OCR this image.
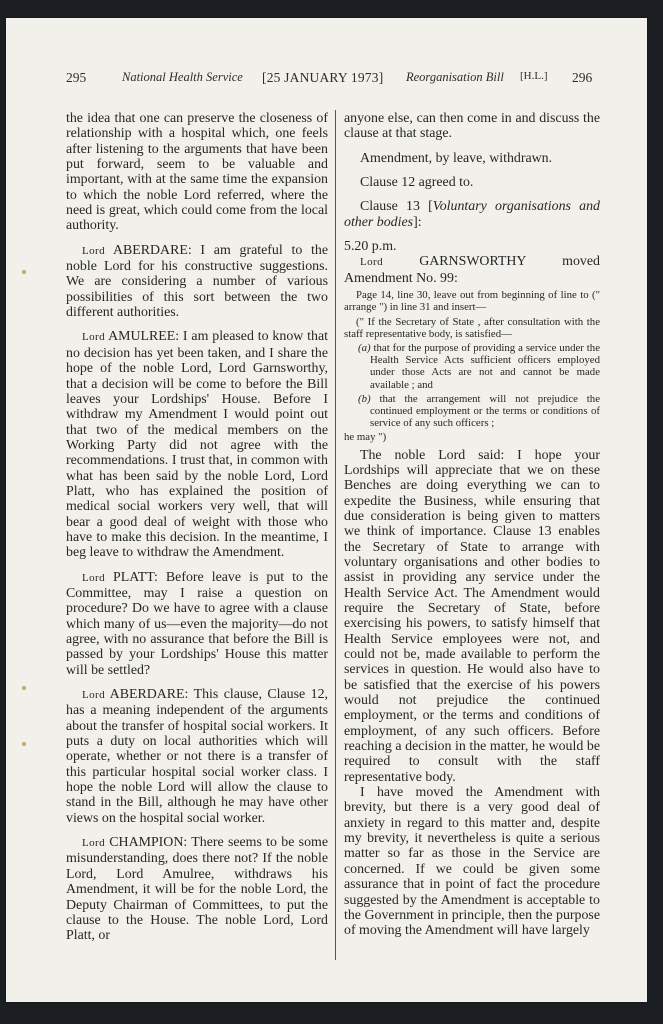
295	National Health Service [25 JANUARY 1973] Reorganisation Bill [H.L.] 296

the idea that one can preserve the closeness of relationship with a hospital which, one feels after listening to the arguments that have been put forward, seem to be valuable and important, with at the same time the expansion to which the noble Lord referred, where the need is great, which could come from the local authority.

Lord ABERDARE: I am grateful to the noble Lord for his constructive suggestions. We are considering a number of various possibilities of this sort between the two different authorities.

Lord AMULREE: I am pleased to know that no decision has yet been taken, and I share the hope of the noble Lord, Lord Garnsworthy, that a decision will be come to before the Bill leaves your Lordships' House. Before I withdraw my Amendment I would point out that two of the medical members on the Working Party did not agree with the recommendations. I trust that, in common with what has been said by the noble Lord, Lord Platt, who has explained the position of medical social workers very well, that will bear a good deal of weight with those who have to make this decision. In the meantime, I beg leave to withdraw the Amendment.

Lord PLATT: Before leave is put to the Committee, may I raise a question on procedure? Do we have to agree with a clause which many of us—even the majority—do not agree, with no assurance that before the Bill is passed by your Lordships' House this matter will be settled?

Lord ABERDARE: This clause, Clause 12, has a meaning independent of the arguments about the transfer of hospital social workers. It puts a duty on local authorities which will operate, whether or not there is a transfer of this particular hospital social worker class. I hope the noble Lord will allow the clause to stand in the Bill, although he may have other views on the hospital social worker.

Lord CHAMPION: There seems to be some misunderstanding, does there not? If the noble Lord, Lord Amulree, withdraws his Amendment, it will be for the noble Lord, the Deputy Chairman of Committees, to put the clause to the House. The noble Lord, Lord Platt, or

anyone else, can then come in and discuss the clause at that stage.

Amendment, by leave, withdrawn.

Clause 12 agreed to.

Clause 13 [Voluntary organisations and other bodies]:

5.20 p.m.

Lord	GARNSWORTHY moved Amendment No. 99:

Page 14, line 30, leave out from beginning of line to (" arrange ") in line 31 and insert—

(" If the Secretary of State , after consultation with the staff representative body, is satisfied—

(a) that for the purpose of providing a service under the Health Service Acts sufficient officers employed under those Acts are not and cannot be made available ; and

(b) that the arrangement will not prejudice the continued employment or the terms or conditions of service of any such officers ;

he may ")

The noble Lord said: I hope your Lordships will appreciate that we on these Benches are doing everything we can to expedite the Business, while ensuring that due consideration is being given to matters we think of importance. Clause 13 enables the Secretary of State to arrange with voluntary organisations and other bodies to assist in providing any service under the Health Service Act. The Amendment would require the Secretary of State, before exercising his powers, to satisfy himself that Health Service employees were not, and could not be, made available to perform the services in question. He would also have to be satisfied that the exercise of his powers would not prejudice the continued employment, or the terms and conditions of employment, of any such officers. Before reaching a decision in the matter, he would be required to consult with the staff representative body.

I have moved the Amendment with brevity, but there is a very good deal of anxiety in regard to this matter and, despite my brevity, it nevertheless is quite a serious matter so far as those in the Service are concerned. If we could be given some assurance that in point of fact the procedure suggested by the Amendment is acceptable to the Government in principle, then the purpose of moving the Amendment will have largely
